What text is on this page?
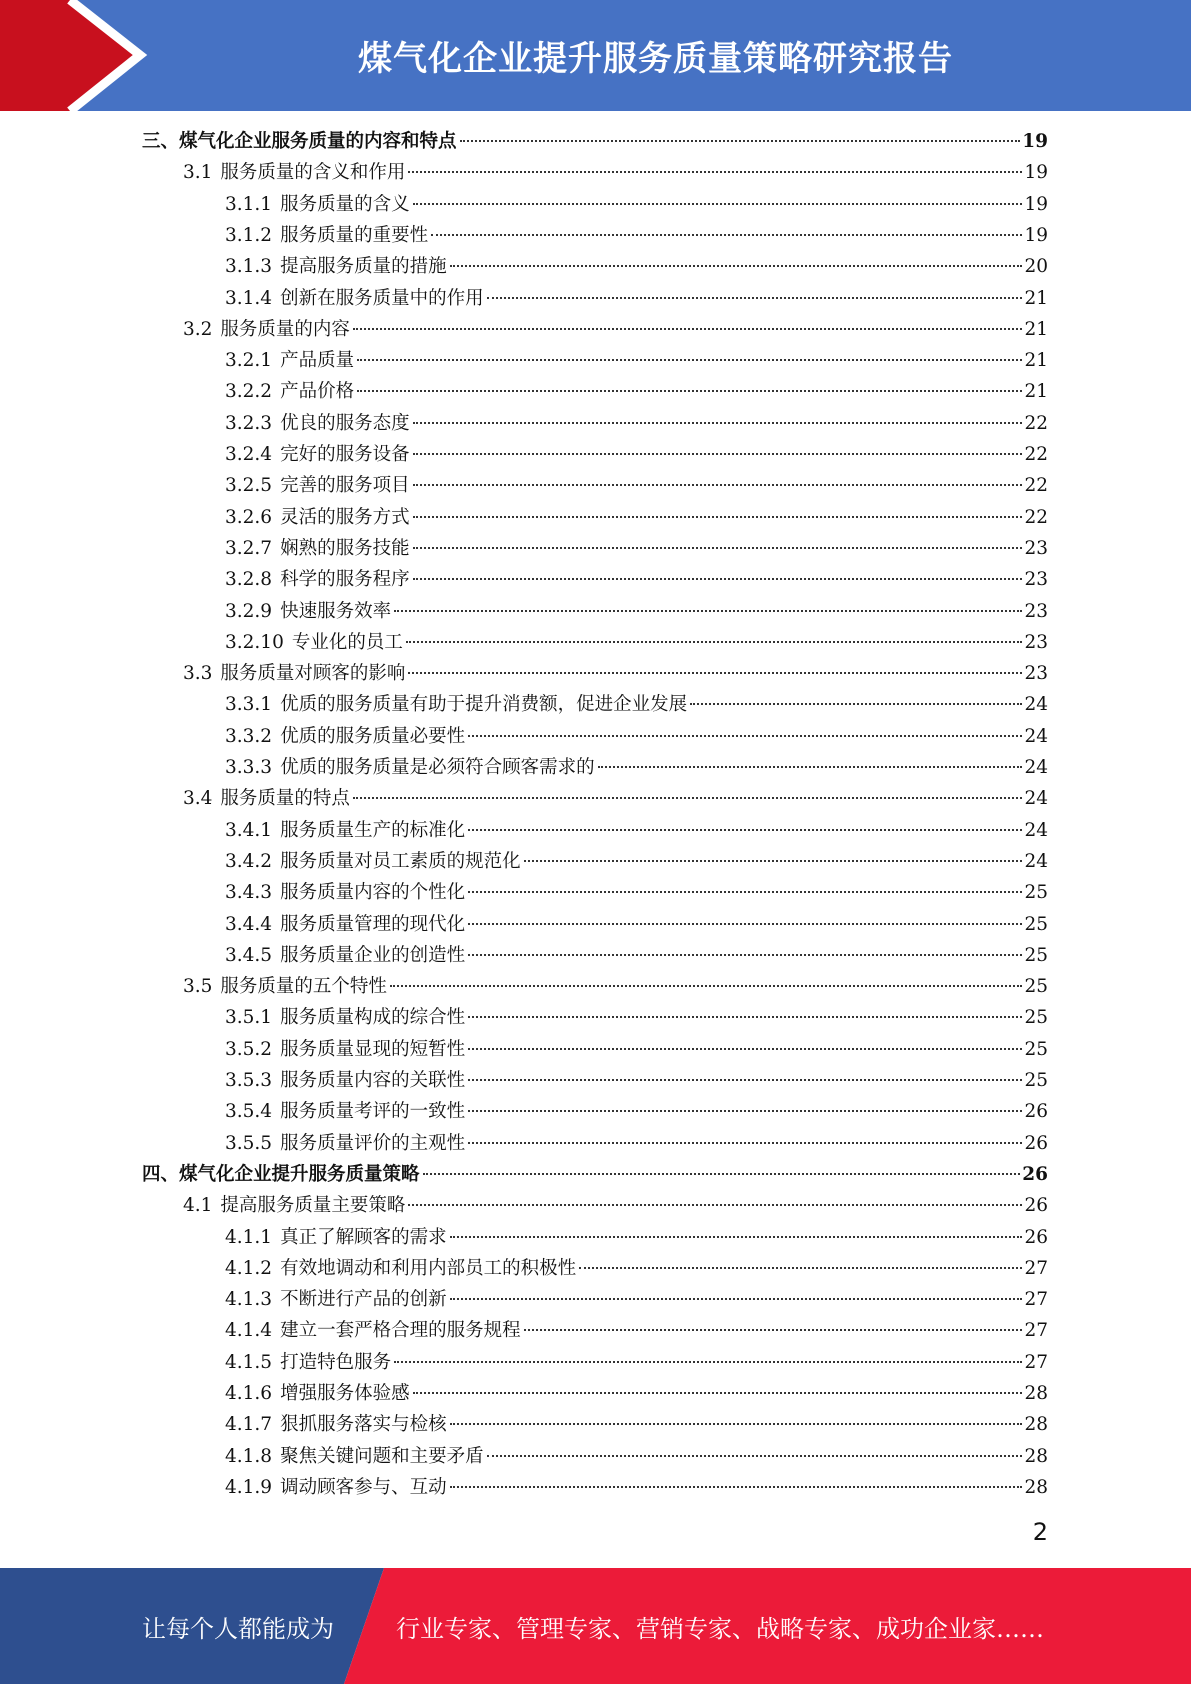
煤气化企业提升服务质量策略研究报告
三、煤气化企业服务质量的内容和特点	19
3.1 服务质量的含义和作用	19
3.1.1 服务质量的含义	19
3.1.2 服务质量的重要性	19
3.1.3 提高服务质量的措施	20
3.1.4 创新在服务质量中的作用	21
3.2 服务质量的内容	21
3.2.1 产品质量	21
3.2.2 产品价格	21
3.2.3 优良的服务态度	22
3.2.4 完好的服务设备	22
3.2.5 完善的服务项目	22
3.2.6 灵活的服务方式	22
3.2.7 娴熟的服务技能	23
3.2.8 科学的服务程序	23
3.2.9 快速服务效率	23
3.2.10 专业化的员工	23
3.3 服务质量对顾客的影响	23
3.3.1 优质的服务质量有助于提升消费额，促进企业发展	24
3.3.2 优质的服务质量必要性	24
3.3.3 优质的服务质量是必须符合顾客需求的	24
3.4 服务质量的特点	24
3.4.1 服务质量生产的标准化	24
3.4.2 服务质量对员工素质的规范化	24
3.4.3 服务质量内容的个性化	25
3.4.4 服务质量管理的现代化	25
3.4.5 服务质量企业的创造性	25
3.5 服务质量的五个特性	25
3.5.1 服务质量构成的综合性	25
3.5.2 服务质量显现的短暂性	25
3.5.3 服务质量内容的关联性	25
3.5.4 服务质量考评的一致性	26
3.5.5 服务质量评价的主观性	26
四、煤气化企业提升服务质量策略	26
4.1 提高服务质量主要策略	26
4.1.1 真正了解顾客的需求	26
4.1.2 有效地调动和利用内部员工的积极性	27
4.1.3 不断进行产品的创新	27
4.1.4 建立一套严格合理的服务规程	27
4.1.5 打造特色服务	27
4.1.6 增强服务体验感	28
4.1.7 狠抓服务落实与检核	28
4.1.8 聚焦关键问题和主要矛盾	28
4.1.9 调动顾客参与、互动	28
2
让每个人都能成为	行业专家、管理专家、营销专家、战略专家、成功企业家……
